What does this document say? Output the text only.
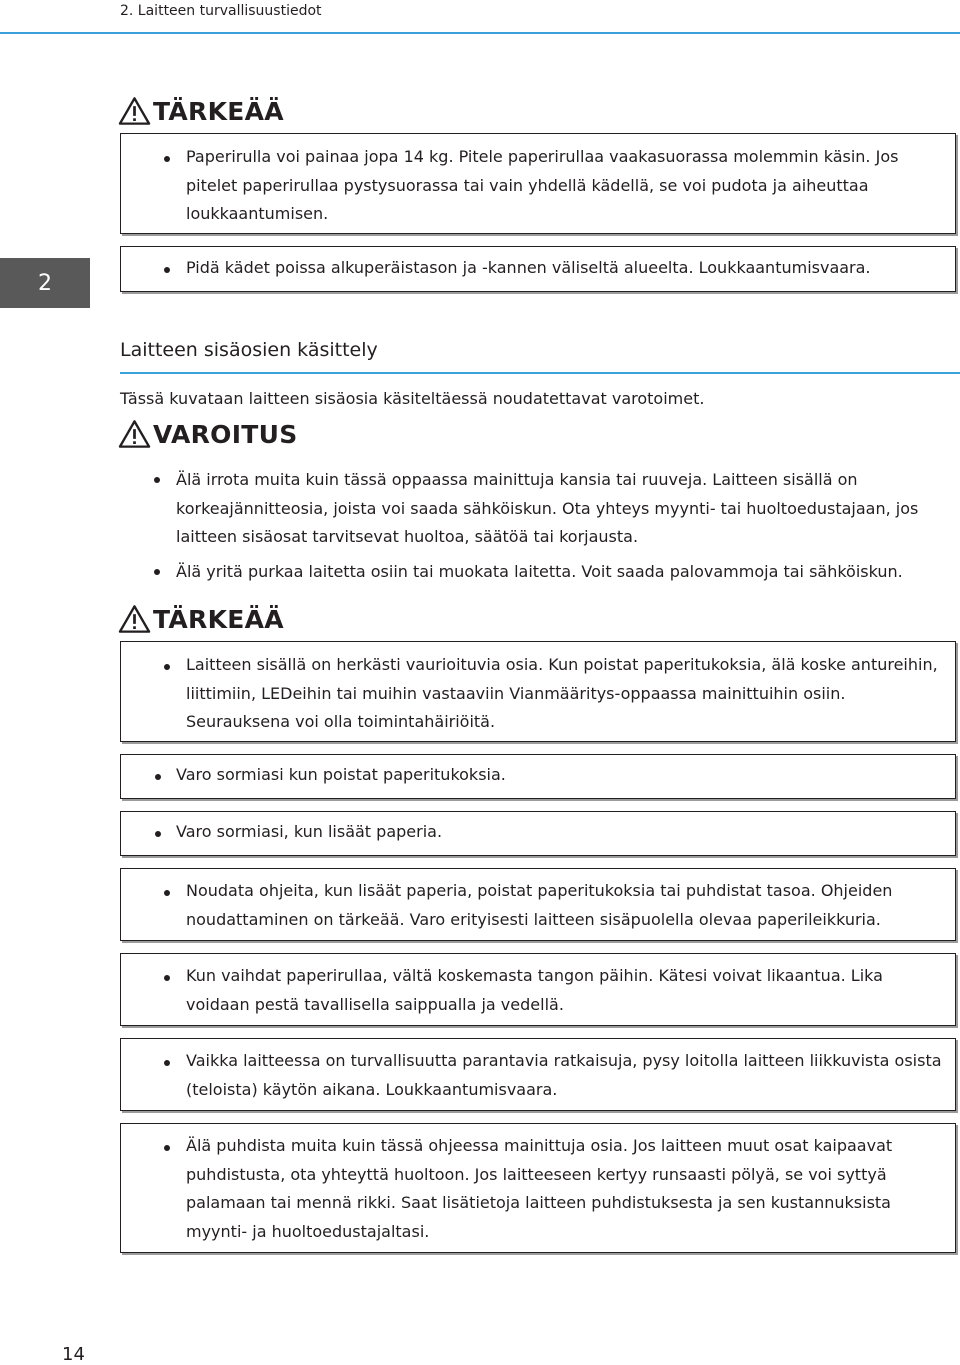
2. Laitteen turvallisuustiedot
2
TÄRKEÄÄ
Paperirulla voi painaa jopa 14 kg. Pitele paperirullaa vaakasuorassa molemmin käsin. Jos pitelet paperirullaa pystysuorassa tai vain yhdellä kädellä, se voi pudota ja aiheuttaa loukkaantumisen.
Pidä kädet poissa alkuperäistason ja -kannen väliseltä alueelta. Loukkaantumisvaara.
Laitteen sisäosien käsittely
Tässä kuvataan laitteen sisäosia käsiteltäessä noudatettavat varotoimet.
VAROITUS
Älä irrota muita kuin tässä oppaassa mainittuja kansia tai ruuveja. Laitteen sisällä on korkeajännitteosia, joista voi saada sähköiskun. Ota yhteys myynti- tai huoltoedustajaan, jos laitteen sisäosat tarvitsevat huoltoa, säätöä tai korjausta.
Älä yritä purkaa laitetta osiin tai muokata laitetta. Voit saada palovammoja tai sähköiskun.
TÄRKEÄÄ
Laitteen sisällä on herkästi vaurioituvia osia. Kun poistat paperitukoksia, älä koske antureihin, liittimiin, LEDeihin tai muihin vastaaviin Vianmääritys-oppaassa mainittuihin osiin. Seurauksena voi olla toimintahäiriöitä.
Varo sormiasi kun poistat paperitukoksia.
Varo sormiasi, kun lisäät paperia.
Noudata ohjeita, kun lisäät paperia, poistat paperitukoksia tai puhdistat tasoa. Ohjeiden noudattaminen on tärkeää. Varo erityisesti laitteen sisäpuolella olevaa paperileikkuria.
Kun vaihdat paperirullaa, vältä koskemasta tangon päihin. Kätesi voivat likaantua. Lika voidaan pestä tavallisella saippualla ja vedellä.
Vaikka laitteessa on turvallisuutta parantavia ratkaisuja, pysy loitolla laitteen liikkuvista osista (teloista) käytön aikana. Loukkaantumisvaara.
Älä puhdista muita kuin tässä ohjeessa mainittuja osia. Jos laitteen muut osat kaipaavat puhdistusta, ota yhteyttä huoltoon. Jos laitteeseen kertyy runsaasti pölyä, se voi syttyä palamaan tai mennä rikki. Saat lisätietoja laitteen puhdistuksesta ja sen kustannuksista myynti- ja huoltoedustajaltasi.
14
